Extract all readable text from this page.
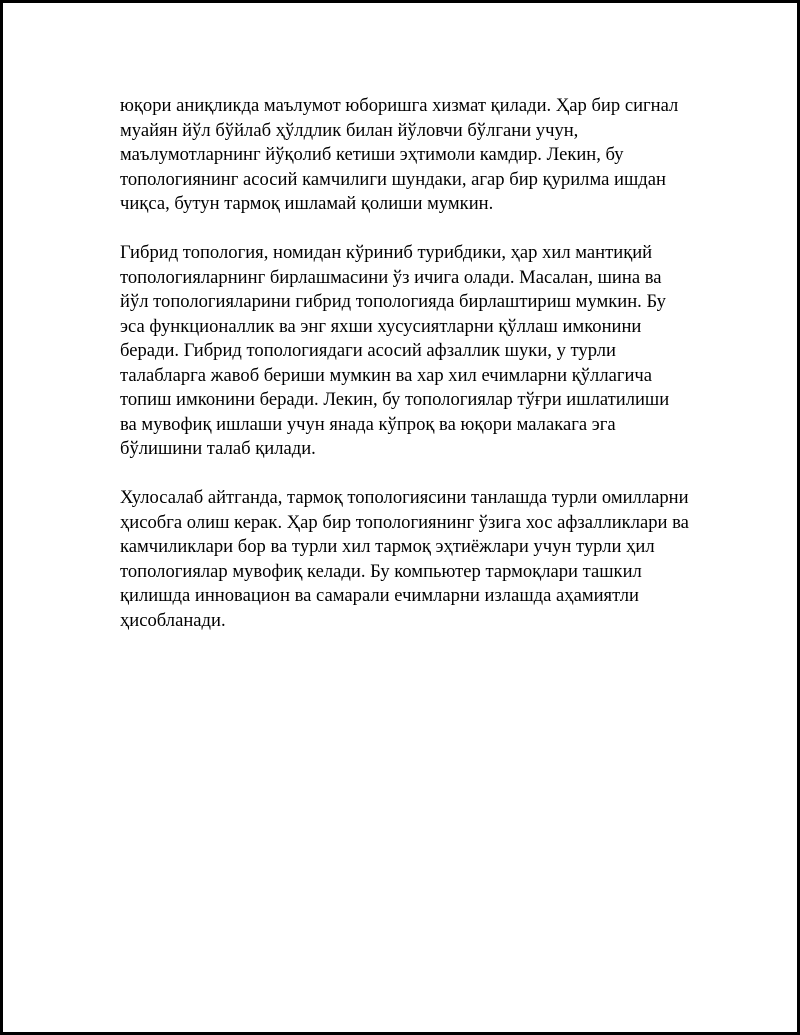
юқори аниқликда маълумот юборишга хизмат қилади. Ҳар бир сигнал
муайян йўл бўйлаб ҳўлдлик билан йўловчи бўлгани учун,
маълумотларнинг йўқолиб кетиши эҳтимоли камдир. Лекин, бу
топологиянинг асосий камчилиги шундаки, агар бир қурилма ишдан
чиқса, бутун тармоқ ишламай қолиши мумкин.
Гибрид топология, номидан кўриниб турибдики, ҳар хил мантиқий
топологияларнинг бирлашмасини ўз ичига олади. Масалан, шина ва
йўл топологияларини гибрид топологияда бирлаштириш мумкин. Бу
эса функционаллик ва энг яхши хусусиятларни қўллаш имконини
беради. Гибрид топологиядаги асосий афзаллик шуки, у турли
талабларга жавоб бериши мумкин ва хар хил ечимларни қўллагича
топиш имконини беради. Лекин, бу топологиялар тўғри ишлатилиши
ва мувофиқ ишлаши учун янада кўпроқ ва юқори малакага эга
бўлишини талаб қилади.
Хулосалаб айтганда, тармоқ топологиясини танлашда турли омилларни
ҳисобга олиш керак. Ҳар бир топологиянинг ўзига хос афзалликлари ва
камчиликлари бор ва турли хил тармоқ эҳтиёжлари учун турли ҳил
топологиялар мувофиқ келади. Бу компьютер тармоқлари ташкил
қилишда инновацион ва самарали ечимларни излашда аҳамиятли
ҳисобланади.
